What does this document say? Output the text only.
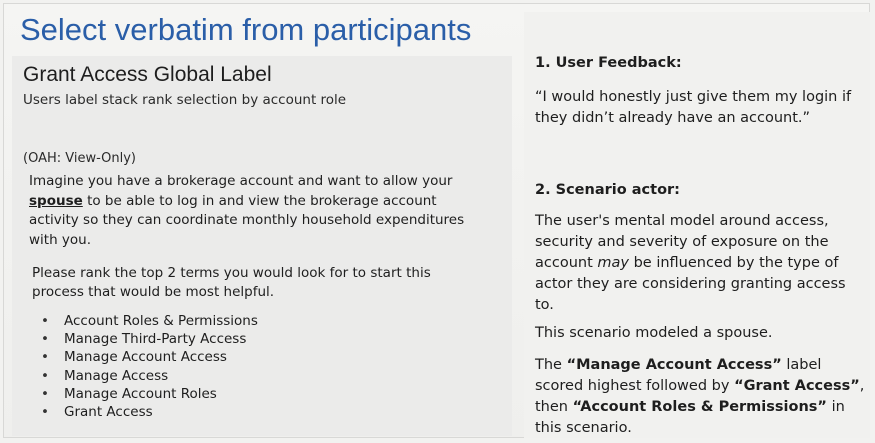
Select verbatim from participants
Grant Access Global Label

Users label stack rank selection by account role

(OAH: View-Only)

Imagine you have a brokerage account and want to allow your spouse to be able to log in and view the brokerage account activity so they can coordinate monthly household expenditures with you.

Please rank the top 2 terms you would look for to start this process that would be most helpful.

• Account Roles & Permissions
• Manage Third-Party Access
• Manage Account Access
• Manage Access
• Manage Account Roles
• Grant Access

1. User Feedback:

“I would honestly just give them my login if they didn’t already have an account.”

2. Scenario actor:

The user's mental model around access, security and severity of exposure on the account may be influenced by the type of actor they are considering granting access to.

This scenario modeled a spouse.

The “Manage Account Access” label scored highest followed by “Grant Access”, then “Account Roles & Permissions” in this scenario.
